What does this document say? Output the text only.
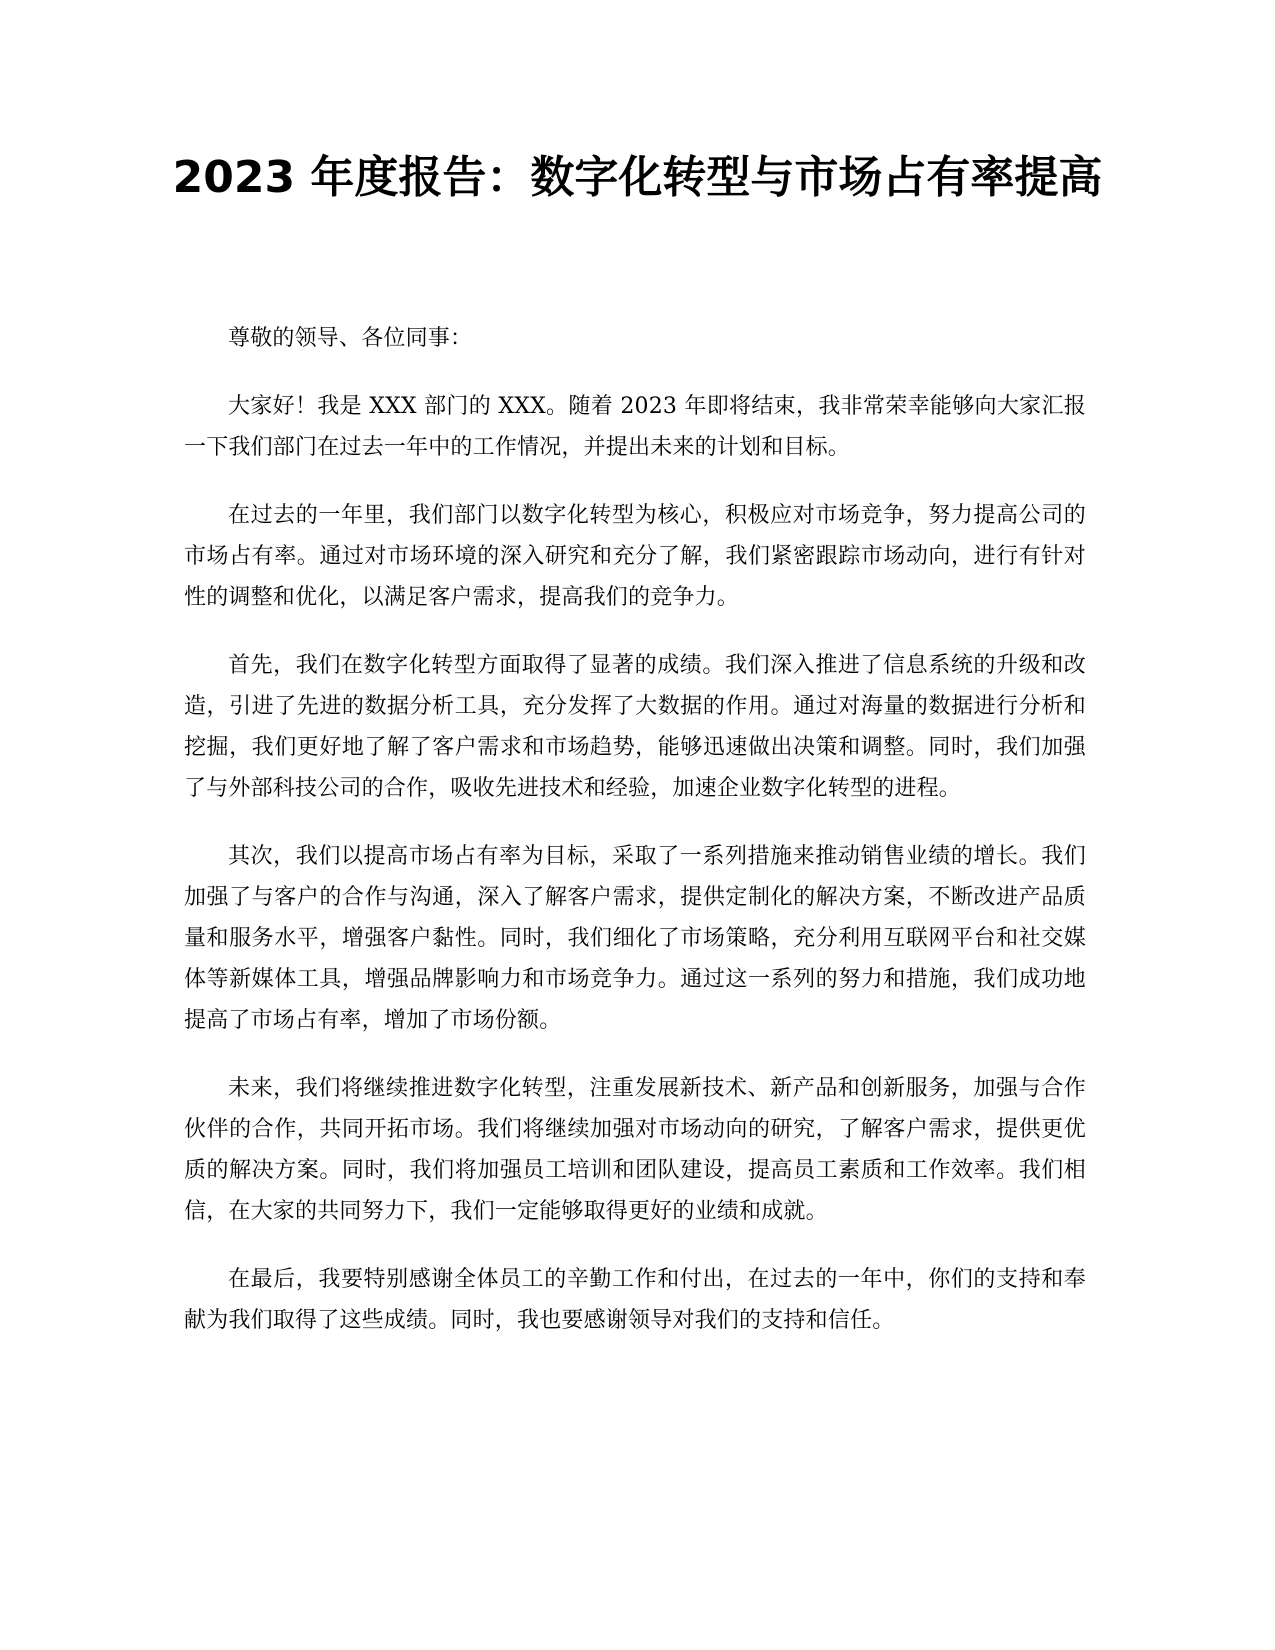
2023 年度报告：数字化转型与市场占有率提高

尊敬的领导、各位同事：

大家好！我是 XXX 部门的 XXX。随着 2023 年即将结束，我非常荣幸能够向大家汇报一下我们部门在过去一年中的工作情况，并提出未来的计划和目标。

在过去的一年里，我们部门以数字化转型为核心，积极应对市场竞争，努力提高公司的市场占有率。通过对市场环境的深入研究和充分了解，我们紧密跟踪市场动向，进行有针对性的调整和优化，以满足客户需求，提高我们的竞争力。

首先，我们在数字化转型方面取得了显著的成绩。我们深入推进了信息系统的升级和改造，引进了先进的数据分析工具，充分发挥了大数据的作用。通过对海量的数据进行分析和挖掘，我们更好地了解了客户需求和市场趋势，能够迅速做出决策和调整。同时，我们加强了与外部科技公司的合作，吸收先进技术和经验，加速企业数字化转型的进程。

其次，我们以提高市场占有率为目标，采取了一系列措施来推动销售业绩的增长。我们加强了与客户的合作与沟通，深入了解客户需求，提供定制化的解决方案，不断改进产品质量和服务水平，增强客户黏性。同时，我们细化了市场策略，充分利用互联网平台和社交媒体等新媒体工具，增强品牌影响力和市场竞争力。通过这一系列的努力和措施，我们成功地提高了市场占有率，增加了市场份额。

未来，我们将继续推进数字化转型，注重发展新技术、新产品和创新服务，加强与合作伙伴的合作，共同开拓市场。我们将继续加强对市场动向的研究，了解客户需求，提供更优质的解决方案。同时，我们将加强员工培训和团队建设，提高员工素质和工作效率。我们相信，在大家的共同努力下，我们一定能够取得更好的业绩和成就。

在最后，我要特别感谢全体员工的辛勤工作和付出，在过去的一年中，你们的支持和奉献为我们取得了这些成绩。同时，我也要感谢领导对我们的支持和信任。
